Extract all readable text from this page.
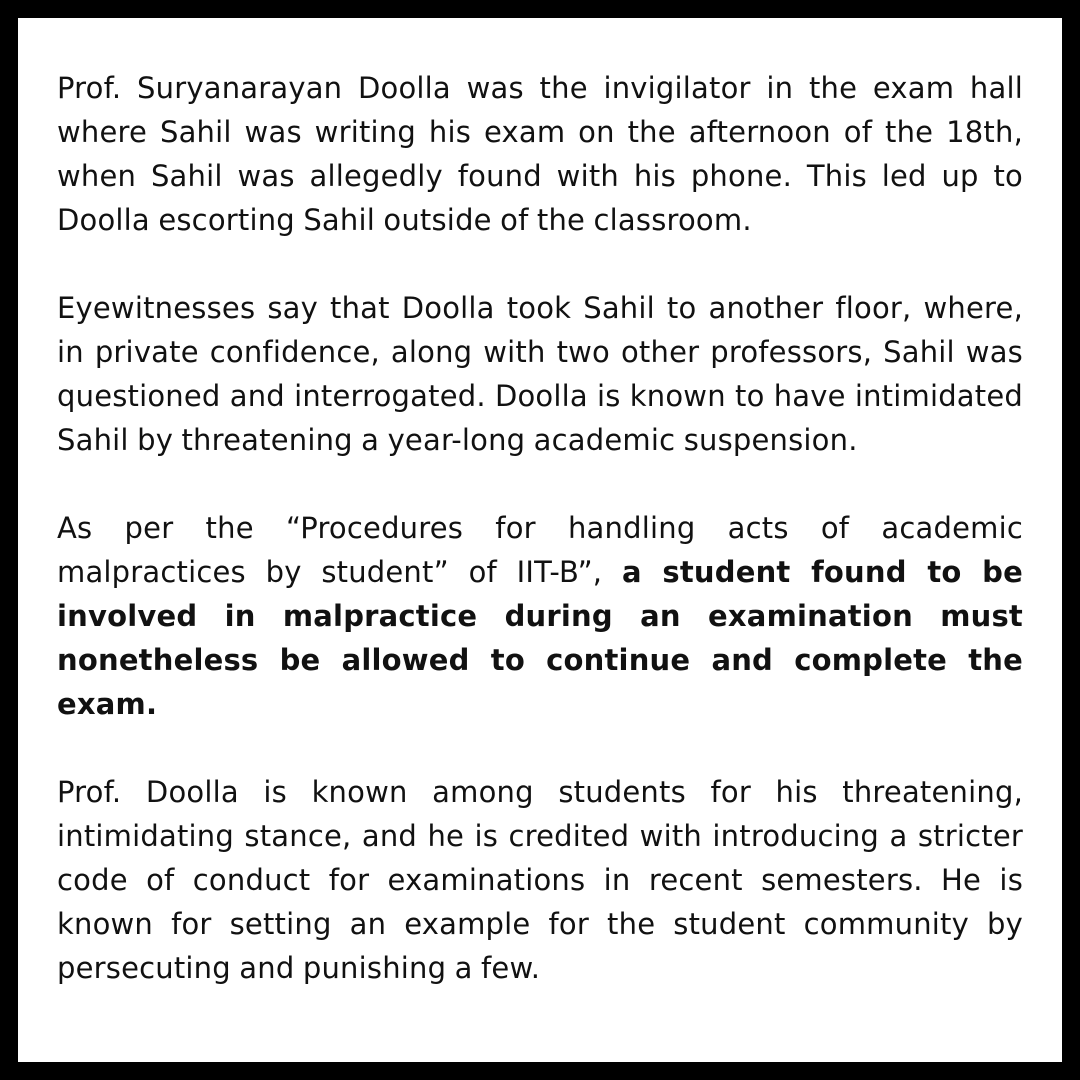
Prof. Suryanarayan Doolla was the invigilator in the exam hall where Sahil was writing his exam on the afternoon of the 18th, when Sahil was allegedly found with his phone. This led up to Doolla escorting Sahil outside of the classroom.

Eyewitnesses say that Doolla took Sahil to another floor, where, in private confidence, along with two other professors, Sahil was questioned and interrogated. Doolla is known to have intimidated Sahil by threatening a year-long academic suspension.

As per the “Procedures for handling acts of academic malpractices by student” of IIT-B”, a student found to be involved in malpractice during an examination must nonetheless be allowed to continue and complete the exam.

Prof. Doolla is known among students for his threatening, intimidating stance, and he is credited with introducing a stricter code of conduct for examinations in recent semesters. He is known for setting an example for the student community by persecuting and punishing a few.
